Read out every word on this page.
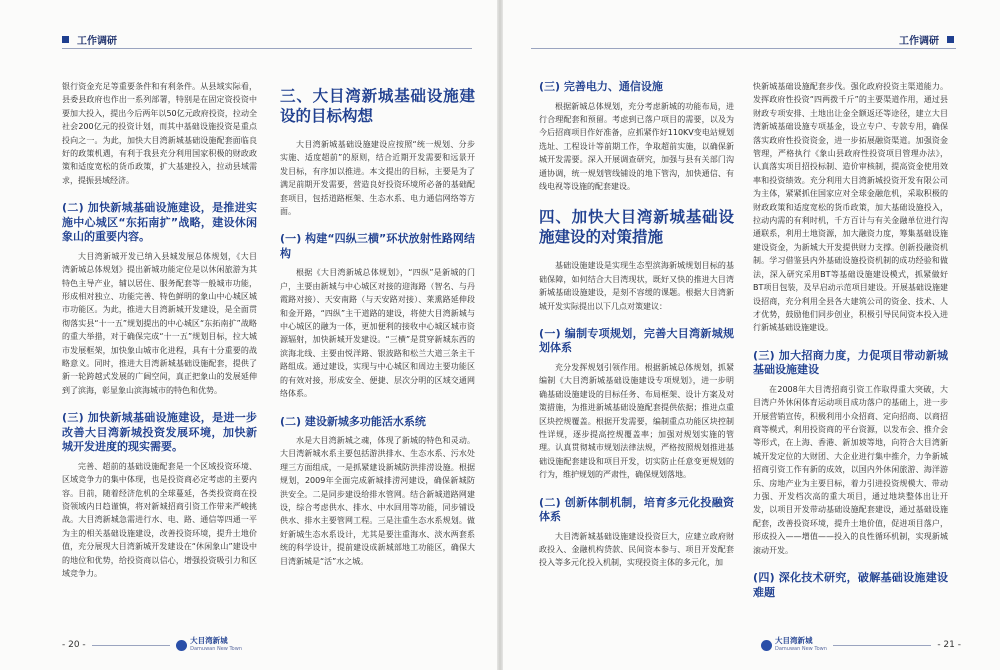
工作调研

银行资金充足等重要条件和有利条件。从县域实际看，县委县政府也作出一系列部署，特别是在固定资投资中要加大投入，提出今后两年以50亿元政府投资，拉动全社会200亿元的投资计划，而其中基础设施投资是重点投向之一。为此，加快大目湾新城基础设施配套面临良好的政策机遇，有利于我县充分利用国家积极的财政政策和适度宽松的货币政策，扩大基建投入，拉动县域需求，提振县域经济。

(二) 加快新城基础设施建设，是推进实施中心城区“东拓南扩”战略，建设休闲象山的重要内容。

大目湾新城开发已纳入县城发展总体规划，《大目湾新城总体规划》提出新城功能定位是以休闲旅游为其特色主导产业，辅以居住、服务配套等一般城市功能，形成相对独立、功能完善、特色鲜明的象山中心城区城市功能区。为此，推进大目湾新城开发建设，是全面贯彻落实县“十一五”规划提出的中心城区“东拓南扩”战略的重大举措，对于确保完成“十一五”规划目标，拉大城市发展框架，加快象山城市化进程，具有十分重要的战略意义。同时，推进大目湾新城基础设施配套，提供了新一轮跨越式发展的广阔空间，真正把象山的发展延伸到了滨海，彰显象山滨海城市的特色和优势。

(三) 加快新城基础设施建设，是进一步改善大目湾新城投资发展环境，加快新城开发进度的现实需要。

完善、超前的基础设施配套是一个区域投资环境、区域竞争力的集中体现，也是投资商必定考虑的主要内容。目前，随着经济危机的全球蔓延，各类投资商在投资领域内日趋谨慎，将对新城招商引资工作带来严峻挑战。大目湾新城急需进行水、电、路、通信等四通一平为主的相关基础设施建设，改善投资环境，提升土地价值，充分展现大目湾新城开发建设在“休闲象山”建设中的地位和优势，给投资商以信心，增强投资吸引力和区域竞争力。

三、大目湾新城基础设施建设的目标构想

大目湾新城基础设施建设应按照“统一规划、分步实施、适度超前”的原则，结合近期开发需要和远景开发目标，有序加以推进。本文提出的目标，主要是为了满足前期开发需要，营造良好投资环境所必备的基础配套项目，包括道路框架、生态水系、电力通信网络等方面。

(一) 构建“四纵三横”环状放射性路网结构

根据《大目湾新城总体规划》，“四纵”是新城的门户，主要由新城与中心城区对接的迎海路（智名、与丹霞路对接）、天安南路（与天安路对接）、莱熏路延伸段和金开路，“四纵”主干道路的建设，将使大目湾新城与中心城区的融为一体，更加便利的接收中心城区城市资源辐射，加快新城开发建设。“三横”是贯穿新城东西的滨海北线、主要由悦洋路、银波路和松兰大道三条主干路组成。通过建设，实现与中心城区和周边主要功能区的有效对接，形成安全、便捷、层次分明的区域交通网络体系。

(二) 建设新城多功能活水系统

水是大目湾新城之魂，体现了新城的特色和灵动。大目湾新城水系主要包括游洪排水、生态水系、污水处理三方面组成，一是抓紧建设新城防洪排涝设施。根据规划，2009年全面完成新城排涝河建设，确保新城防洪安全。二是同步建设给排水管网。结合新城道路网建设，综合考虑供水、排水、中水回用等功能，同步铺设供水、排水主要管网工程。三是注重生态水系规划。做好新城生态水系设计，尤其是要注重海水、淡水两套系统的科学设计，提前建设成新城部地工功能区，确保大目湾新城是“活”水之城。

- 20 -	大目湾新城
Damuwan New Town
工作调研
(三) 完善电力、通信设施

根据新城总体规划，充分考虑新城的功能布局，进行合理配套和预留。考虑到已落户项目的需要，以及为今后招商项目作好准备，应抓紧作好110KV变电站规划选址、工程设计等前期工作，争取超前实施，以确保新城开发需要。深入开展调查研究，加强与县有关部门沟通协调，统一规划管线铺设的地下管沟，加快通信、有线电视等设施的配套建设。

四、加快大目湾新城基础设施建设的对策措施

基础设施建设是实现生态型滨海新城规划目标的基础保障，如何结合大目湾现状，既好又快的推进大目湾新城基础设施建设，是刻不容缓的课题。根据大目湾新城开发实际提出以下几点对策建议：

(一) 编制专项规划，完善大目湾新城规划体系

充分发挥规划引领作用。根据新城总体规划，抓紧编制《大目湾新城基础设施建设专项规划》，进一步明确基础设施建设的目标任务、布局框架、设计方案及对策措施，为推进新城基础设施配套提供依据；推进点重区块控规覆盖。根据开发需要，编制重点功能区块控制性详规，逐步提高控规覆盖率；加强对规划实施的管理。认真贯彻城市规划法律法规，严格按照规划推进基础设施配套建设和项目开发，切实防止任意变更规划的行为，维护规划的严肃性，确保规划落地。

(二) 创新体制机制，培育多元化投融资体系

大目湾新城基础设施建设投资巨大，应建立政府财政投入、金融机构贷款、民间资本参与、项目开发配套投入等多元化投入机制，实现投资主体的多元化，加

快新城基础设施配套步伐。强化政府投资主渠道能力。发挥政府性投资“四两拨千斤”的主要渠道作用，通过县财政专项安排、土地出让金全额返还等途径，建立大目湾新城基础设施专项基金，设立专户、专款专用，确保落实政府性投资资金，进一步拓展融资渠道。加强资金管理，严格执行《象山县政府性投资项目管理办法》，认真落实项目招投标制、造价审核制，提高资金使用效率和投资绩效。充分利用大目湾新城投资开发有限公司为主体，紧紧抓住国家应对全球金融危机，采取积极的财政政策和适度宽松的货币政策，加大基础设施投入，拉动内需的有利时机，千方百计与有关金融单位进行沟通联系，利用土地资源，加大融资力度，筹集基础设施建设资金，为新城大开发提供财力支撑。创新投融资机制。学习借鉴县内外基础设施投资机制的成功经验和做法，深入研究采用BT等基础设施建设模式，抓紧做好BT项目包装，及早启动示范项目建设。开展基础设施建设招商，充分利用全县各大建筑公司的资金、技术、人才优势，鼓励他们同步创业，积极引导民间资本投入进行新城基础设施建设。

(三) 加大招商力度，力促项目带动新城基础设施建设

在2008年大目湾招商引资工作取得重大突破，大目湾户外休闲体育运动项目成功落户的基础上，进一步开展营销宣传，积极利用小众招商、定向招商、以商招商等模式，利用投资商的平台资源，以发布会、推介会等形式，在上海、香港、新加坡等地，向符合大目湾新城开发定位的大财团、大企业进行集中推介，力争新城招商引资工作有新的成效，以国内外休闲旅游、海洋游乐、房地产业为主要目标，着力引进投资规模大、带动力强、开发档次高的重大项目，通过地块整体出让开发，以项目开发带动基础设施配套建设，通过基础设施配套，改善投资环境，提升土地价值，促进项目落户，形成投入——增值——投入的良性循环机制，实现新城滚动开发。

(四) 深化技术研究，破解基础设施建设难题
大目湾新城
Damuwan New Town	- 21 -
